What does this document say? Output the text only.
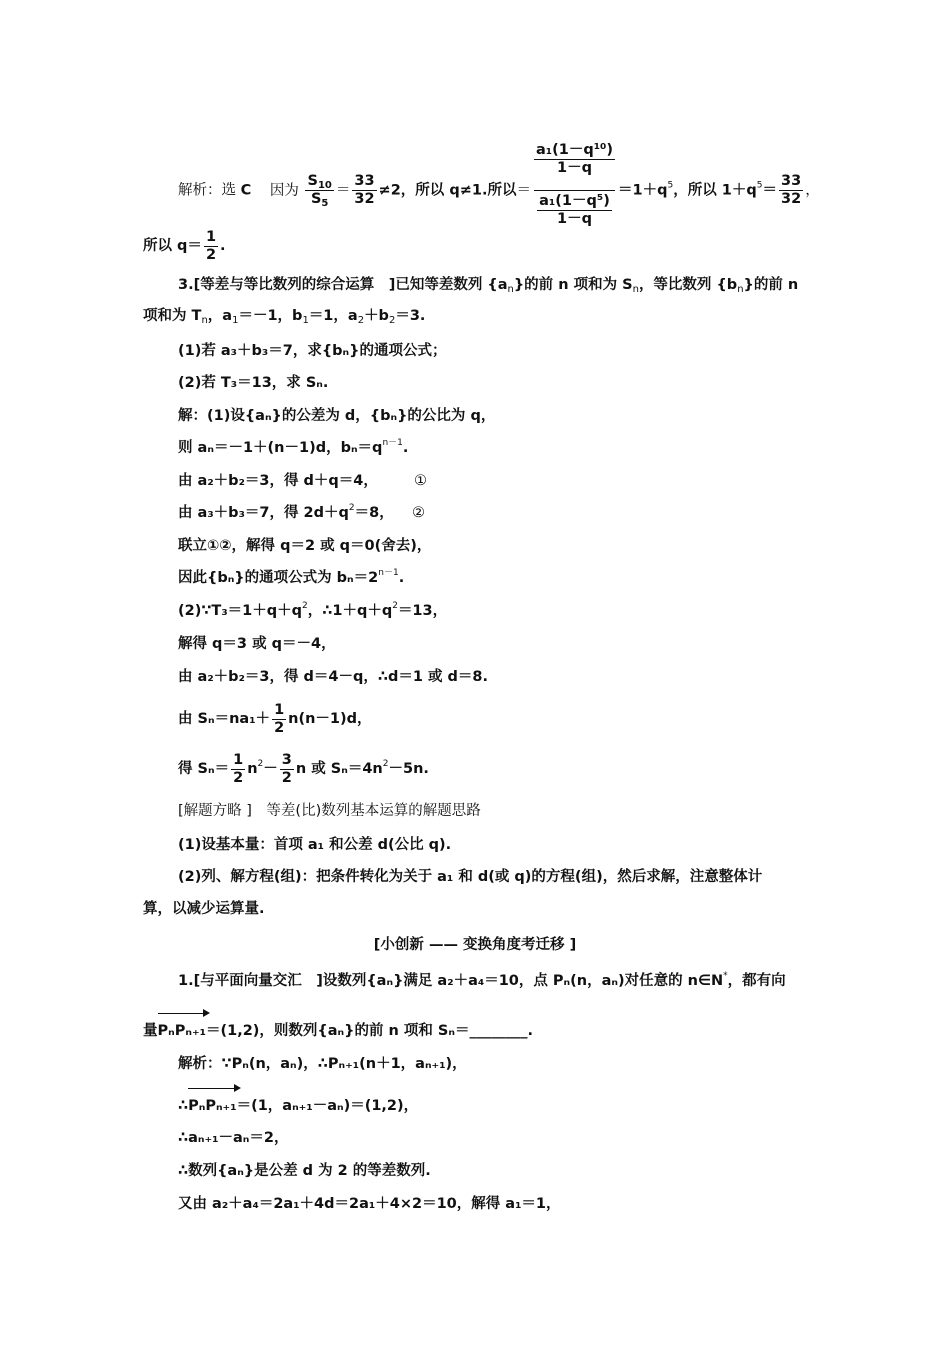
解析：选 C 因为 $\frac{S_{10}}{S_5} = \frac{33}{32} \ne 2$，所以 q≠1.所以＝ $\frac{\frac{\text{a₁(1－q¹⁰)}}{1-q}}{\frac{\text{a₁(1－q⁵)}}{1-q}} =1+q^5$，所以 $1+q^5= \frac{33}{32}$ ，
所以 $q= \frac{1}{2}$ .
3.[等差与等比数列的综合运算　]已知等差数列 $\{a_n\}$的前 n 项和为 $S_n$，等比数列 $\{b_n\}$的前 n
项和为 $T_n$，$a_1=-1$，$b_1=1$，$a_2+b_2=3$.
(1)若 a₃＋b₃＝7，求{bₙ}的通项公式；
(2)若 T₃＝13，求 Sₙ.
解：(1)设{aₙ}的公差为 d，{bₙ}的公比为 q，
则 aₙ＝－1＋(n－1)d，$b_n=q^{n-1}$.
由 a₂＋b₂＝3，得 d＋q＝4， ①
由 a₃＋b₃＝7，得 $2d+q^2=8$， ②
联立①②，解得 q＝2 或 q＝0(舍去)，
因此{bₙ}的通项公式为 $b_n=2^{n-1}$.
$(2)\because T_3=1+q+q^2$，$\therefore 1+q+q^2=13$，
解得 q＝3 或 q＝－4，
由 a₂＋b₂＝3，得 d＝4－q，∴d＝1 或 d＝8.
由 $S_n=na_1+ \frac{1}{2} n(n-1)d$，
得 $S_n= \frac{1}{2} n^2- \frac{3}{2}$ n 或 $S_n=4n^2-5n$.
[解题方略 ]　等差(比)数列基本运算的解题思路
(1)设基本量：首项 a₁ 和公差 d(公比 q).
(2)列、解方程(组)：把条件转化为关于 a₁ 和 d(或 q)的方程(组)，然后求解，注意整体计
算，以减少运算量.
[小创新 —— 变换角度考迁移 ]
1.[与平面向量交汇　]设数列{aₙ}满足 a₂＋a₄＝10，点 Pₙ(n，aₙ)对任意的 n∈N*，都有向
量
PₙPₙ₊₁＝(1,2)，则数列{aₙ}的前 n 项和 Sₙ＝________.
解析：∵Pₙ(n，aₙ)，∴Pₙ₊₁(n＋1，aₙ₊₁)，
∴
PₙPₙ₊₁＝(1，aₙ₊₁－aₙ)＝(1,2)，
∴aₙ₊₁－aₙ＝2，
∴数列{aₙ}是公差 d 为 2 的等差数列.
又由 a₂＋a₄＝2a₁＋4d＝2a₁＋4×2＝10，解得 a₁＝1，
